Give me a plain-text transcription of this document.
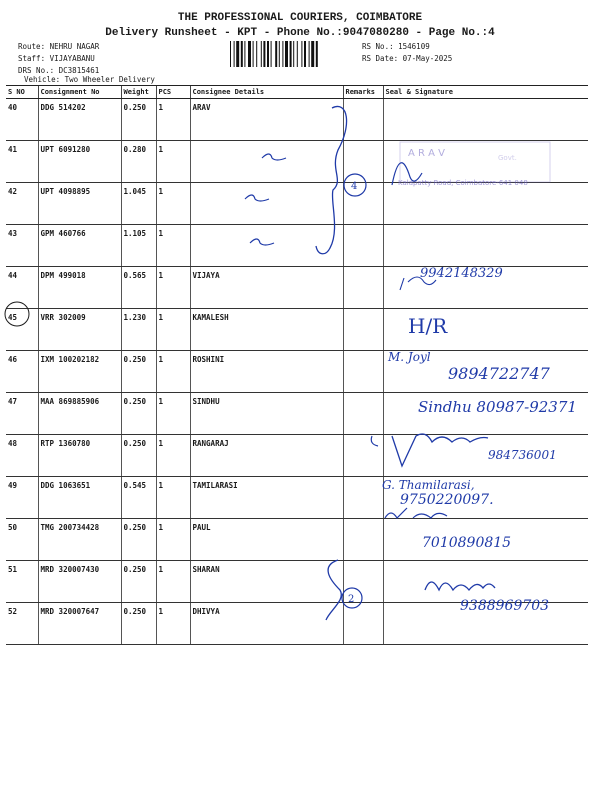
THE PROFESSIONAL COURIERS, COIMBATORE
Delivery Runsheet - KPT - Phone No.:9047080280 - Page No.:4
Route: NEHRU NAGAR
Staff: VIJAYABANU
DRS No.: DC3815461
Vehicle: Two Wheeler Delivery
RS No.: 1546109
RS Date: 07-May-2025
S NO	Consignment No	Weight	PCS	Consignee Details	Remarks	Seal & Signature
40	DDG 514202	0.250	1	ARAV		
41	UPT 6091280	0.280	1			
42	UPT 4098895	1.045	1			
43	GPM 460766	1.105	1			
44	DPM 499018	0.565	1	VIJAYA		
45	VRR 302009	1.230	1	KAMALESH		
46	IXM 100202182	0.250	1	ROSHINI		
47	MAA 869885906	0.250	1	SINDHU		
48	RTP 1360780	0.250	1	RANGARAJ		
49	DDG 1063651	0.545	1	TAMILARASI		
50	TMG 200734428	0.250	1	PAUL		
51	MRD 320007430	0.250	1	SHARAN		
52	MRD 320007647	0.250	1	DHIVYA		
A R A V	Govt.
Kalapatty Road, Coimbatore-641 048
4
2
9942148329
H/R
M. Joyl
9894722747
Sindhu 80987-92371
984736001
G. Thamilarasi,
9750220097.
7010890815
9388969703
